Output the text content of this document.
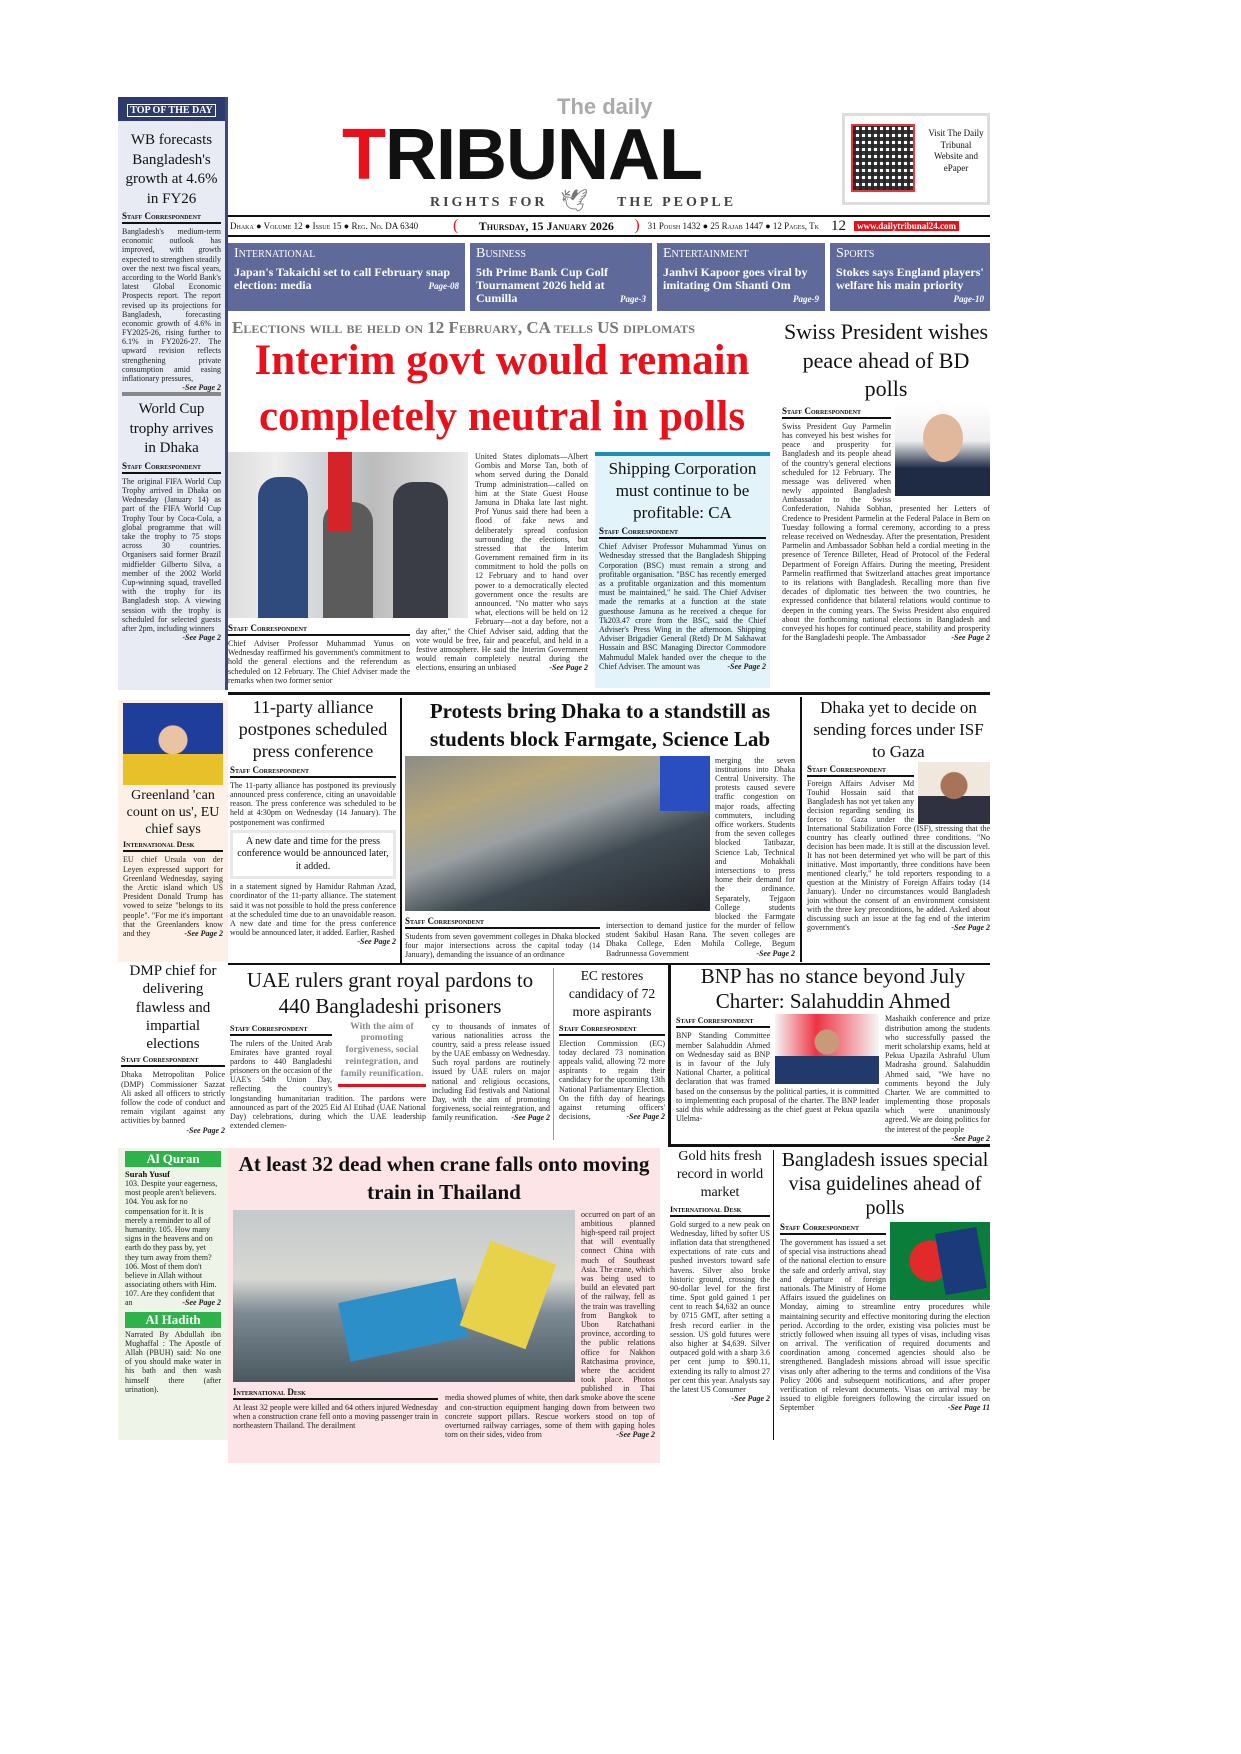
TOP OF THE DAY
WB forecasts Bangladesh's growth at 4.6% in FY26
Staff Correspondent
Bangladesh's medium-term economic outlook has improved, with growth expected to strengthen steadily over the next two fiscal years, according to the World Bank's latest Global Economic Prospects report. The report revised up its projections for Bangladesh, forecasting economic growth of 4.6% in FY2025-26, rising further to 6.1% in FY2026-27. The upward revision reflects strengthening private consumption amid easing inflationary pressures,
-See Page 2
World Cup trophy arrives in Dhaka
Staff Correspondent
The original FIFA World Cup Trophy arrived in Dhaka on Wednesday (January 14) as part of the FIFA World Cup Trophy Tour by Coca-Cola, a global programme that will take the trophy to 75 stops across 30 countries. Organisers said former Brazil midfielder Gilberto Silva, a member of the 2002 World Cup-winning squad, travelled with the trophy for its Bangladesh stop. A viewing session with the trophy is scheduled for selected guests after 2pm, including winners
-See Page 2
The daily
TRIBUNAL
RIGHTS FOR 🕊 THE PEOPLE
Visit The Daily Tribunal Website and ePaper
Dhaka ● Volume 12 ● Issue 15 ● Reg. No. DA 6340	(	Thursday, 15 January 2026	) 31 Poush 1432 ● 25 Rajab 1447 ● 12 Pages, Tk 12	www.dailytribunal24.com
International
Japan's Takaichi set to call February snap election: media	Page-08
Business
5th Prime Bank Cup Golf Tournament 2026 held at Cumilla	Page-3
Entertainment
Janhvi Kapoor goes viral by imitating Om Shanti Om
Page-9
Sports
Stokes says England players' welfare his main priority
Page-10
Elections will be held on 12 February, CA tells US diplomats
Interim govt would remain
completely neutral in polls
Staff Correspondent
Chief Adviser Professor Muhammad Yunus on Wednesday reaffirmed his government's commitment to hold the general elections and the referendum as scheduled on 12 February. The Chief Adviser made the remarks when two former senior
United States diplomats—Albert Gombis and Morse Tan, both of whom served during the Donald Trump administration—called on him at the State Guest House Jamuna in Dhaka late last night. Prof Yunus said there had been a flood of fake news and deliberately spread confusion surrounding the elections, but stressed that the Interim Government remained firm in its commitment to hold the polls on 12 February and to hand over power to a democratically elected government once the results are announced. "No matter who says what, elections will be held on 12 February—not a day before, not a day after," the Chief Adviser said, adding that the vote would be free, fair and peaceful, and held in a festive atmosphere. He said the Interim Government would remain completely neutral during the elections, ensuring an unbiased	-See Page 2
Shipping Corporation must continue to be profitable: CA
Staff Correspondent
Chief Adviser Professor Muhammad Yunus on Wednesday stressed that the Bangladesh Shipping Corporation (BSC) must remain a strong and profitable organisation. "BSC has recently emerged as a profitable organization and this momentum must be maintained," he said. The Chief Adviser made the remarks at a function at the state guesthouse Jamuna as he received a cheque for Tk203.47 crore from the BSC, said the Chief Adviser's Press Wing in the afternoon. Shipping Adviser Brigadier General (Retd) Dr M Sakhawat Hussain and BSC Managing Director Commodore Mahmudul Malek handed over the cheque to the Chief Adviser. The amount was	-See Page 2
Swiss President wishes peace ahead of BD polls
Staff Correspondent
Swiss President Guy Parmelin has conveyed his best wishes for peace and prosperity for Bangladesh and its people ahead of the country's general elections scheduled for 12 February. The message was delivered when newly appointed Bangladesh Ambassador to the Swiss Confederation, Nahida Sobhan, presented her Letters of Credence to President Parmelin at the Federal Palace in Bern on Tuesday following a formal ceremony, according to a press release received on Wednesday. After the presentation, President Parmelin and Ambassador Sobhan held a cordial meeting in the presence of Terence Billeter, Head of Protocol of the Federal Department of Foreign Affairs. During the meeting, President Parmelin reaffirmed that Switzerland attaches great importance to its relations with Bangladesh. Recalling more than five decades of diplomatic ties between the two countries, he expressed confidence that bilateral relations would continue to deepen in the coming years. The Swiss President also enquired about the forthcoming national elections in Bangladesh and conveyed his hopes for continued peace, stability and prosperity for the Bangladeshi people. The Ambassador	-See Page 2
Greenland 'can count on us', EU chief says
International Desk
EU chief Ursula von der Leyen expressed support for Greenland Wednesday, saying the Arctic island which US President Donald Trump has vowed to seize "belongs to its people". "For me it's important that the Greenlanders know and they	-See Page 2
11-party alliance postpones scheduled press conference
Staff Correspondent
The 11-party alliance has postponed its previously announced press conference, citing an unavoidable reason. The press conference was scheduled to be held at 4:30pm on Wednesday (14 January). The postponement was confirmed
A new date and time for the press conference would be announced later, it added.
in a statement signed by Hamidur Rahman Azad, coordinator of the 11-party alliance. The statement said it was not possible to hold the press conference at the scheduled time due to an unavoidable reason. A new date and time for the press conference would be announced later, it added. Earlier, Rashed
-See Page 2
Protests bring Dhaka to a standstill as students block Farmgate, Science Lab
Staff Correspondent
Students from seven government colleges in Dhaka blocked four major intersections across the capital today (14 January), demanding the issuance of an ordinance
merging the seven institutions into Dhaka Central University. The protests caused severe traffic congestion on major roads, affecting commuters, including office workers. Students from the seven colleges blocked Tatibazar, Science Lab, Technical and Mohakhali intersections to press home their demand for the ordinance. Separately, Tejgaon College students blocked the Farmgate intersection to demand justice for the murder of fellow student Sakibul Hasan Rana. The seven colleges are Dhaka College, Eden Mohila College, Begum Badrunnessa Government	-See Page 2
Dhaka yet to decide on sending forces under ISF to Gaza
Staff Correspondent
Foreign Affairs Adviser Md Touhid Hossain said that Bangladesh has not yet taken any decision regarding sending its forces to Gaza under the International Stabilization Force (ISF), stressing that the country has clearly outlined three conditions. "No decision has been made. It is still at the discussion level. It has not been determined yet who will be part of this initiative. Most importantly, three conditions have been mentioned clearly," he told reporters responding to a question at the Ministry of Foreign Affairs today (14 January). Under no circumstances would Bangladesh join without the consent of an environment consistent with the three key preconditions, he added. Asked about discussing such an issue at the fag end of the interim government's	-See Page 2
DMP chief for delivering flawless and impartial elections
Staff Correspondent
Dhaka Metropolitan Police (DMP) Commissioner Sazzat Ali asked all officers to strictly follow the code of conduct and remain vigilant against any activities by banned
-See Page 2
UAE rulers grant royal pardons to 440 Bangladeshi prisoners
With the aim of promoting forgiveness, social reintegration, and family reunification.
Staff Correspondent
The rulers of the United Arab Emirates have granted royal pardons to 440 Bangladeshi prisoners on the occasion of the UAE's 54th Union Day, reflecting the country's longstanding humanitarian tradition. The pardons were announced as part of the 2025 Eid Al Etihad (UAE National Day) celebrations, during which the UAE leadership extended clemen-
cy to thousands of inmates of various nationalities across the country, said a press release issued by the UAE embassy on Wednesday. Such royal pardons are routinely issued by UAE rulers on major national and religious occasions, including Eid festivals and National Day, with the aim of promoting forgiveness, social reintegration, and family reunification. -See Page 2
EC restores candidacy of 72 more aspirants
Staff Correspondent
Election Commission (EC) today declared 73 nomination appeals valid, allowing 72 more aspirants to regain their candidacy for the upcoming 13th National Parliamentary Election. On the fifth day of hearings against returning officers' decisions,	-See Page 2
BNP has no stance beyond July Charter: Salahuddin Ahmed
Staff Correspondent
BNP Standing Committee member Salahuddin Ahmed on Wednesday said as BNP is in favour of the July National Charter, a political declaration that was framed based on the consensus by the political parties, it is committed to implementing each proposal of the charter. The BNP leader said this while addressing as the chief guest at Pekua upazila Ulelma-
Mashaikh conference and prize distribution among the students who successfully passed the merit scholarship exams, held at Pekua Upazila Ashraful Ulum Madrasha ground. Salahuddin Ahmed said, "We have no comments beyond the July Charter. We are committed to implementing those proposals which were unanimously agreed. We are doing politics for the interest of the people
-See Page 2
Al Quran
Surah Yusuf
103. Despite your eagerness, most people aren't believers. 104. You ask for no compensation for it. It is merely a reminder to all of humanity. 105. How many signs in the heavens and on earth do they pass by, yet they turn away from them? 106. Most of them don't believe in Allah without associating others with Him. 107. Are they confident that an	-See Page 2
Al Hadith
Narrated By Abdullah ibn Mughaffal : The Apostle of Allah (PBUH) said: No one of you should make water in his bath and then wash himself there (after urination).
At least 32 dead when crane falls onto moving train in Thailand
International Desk
At least 32 people were killed and 64 others injured Wednesday when a construction crane fell onto a moving passenger train in northeastern Thailand. The derailment
occurred on part of an ambitious planned high-speed rail project that will eventually connect China with much of Southeast Asia. The crane, which was being used to build an elevated part of the railway, fell as the train was travelling from Bangkok to Ubon Ratchathani province, according to the public relations office for Nakhon Ratchasima province, where the accident took place. Photos published in Thai media showed plumes of white, then dark smoke above the scene and con-struction equipment hanging down from between two concrete support pillars. Rescue workers stood on top of overturned railway carriages, some of them with gaping holes torn on their sides, video from	-See Page 2
Gold hits fresh record in world market
International Desk
Gold surged to a new peak on Wednesday, lifted by softer US inflation data that strengthened expectations of rate cuts and pushed investors toward safe havens. Silver also broke historic ground, crossing the 90-dollar level for the first time. Spot gold gained 1 per cent to reach $4,632 an ounce by 0715 GMT, after setting a fresh record earlier in the session. US gold futures were also higher at $4,639. Silver outpaced gold with a sharp 3.6 per cent jump to $90.11, extending its rally to almost 27 per cent this year. Analysts say the latest US Consumer
-See Page 2
Bangladesh issues special visa guidelines ahead of polls
Staff Correspondent
The government has issued a set of special visa instructions ahead of the national election to ensure the safe and orderly arrival, stay and departure of foreign nationals. The Ministry of Home Affairs issued the guidelines on Monday, aiming to streamline entry procedures while maintaining security and effective monitoring during the election period. According to the order, existing visa policies must be strictly followed when issuing all types of visas, including visas on arrival. The verification of required documents and coordination among concerned agencies should also be strengthened. Bangladesh missions abroad will issue specific visas only after adhering to the terms and conditions of the Visa Policy 2006 and subsequent notifications, and after proper verification of relevant documents. Visas on arrival may be issued to eligible foreigners following the circular issued on September	-See Page 11
